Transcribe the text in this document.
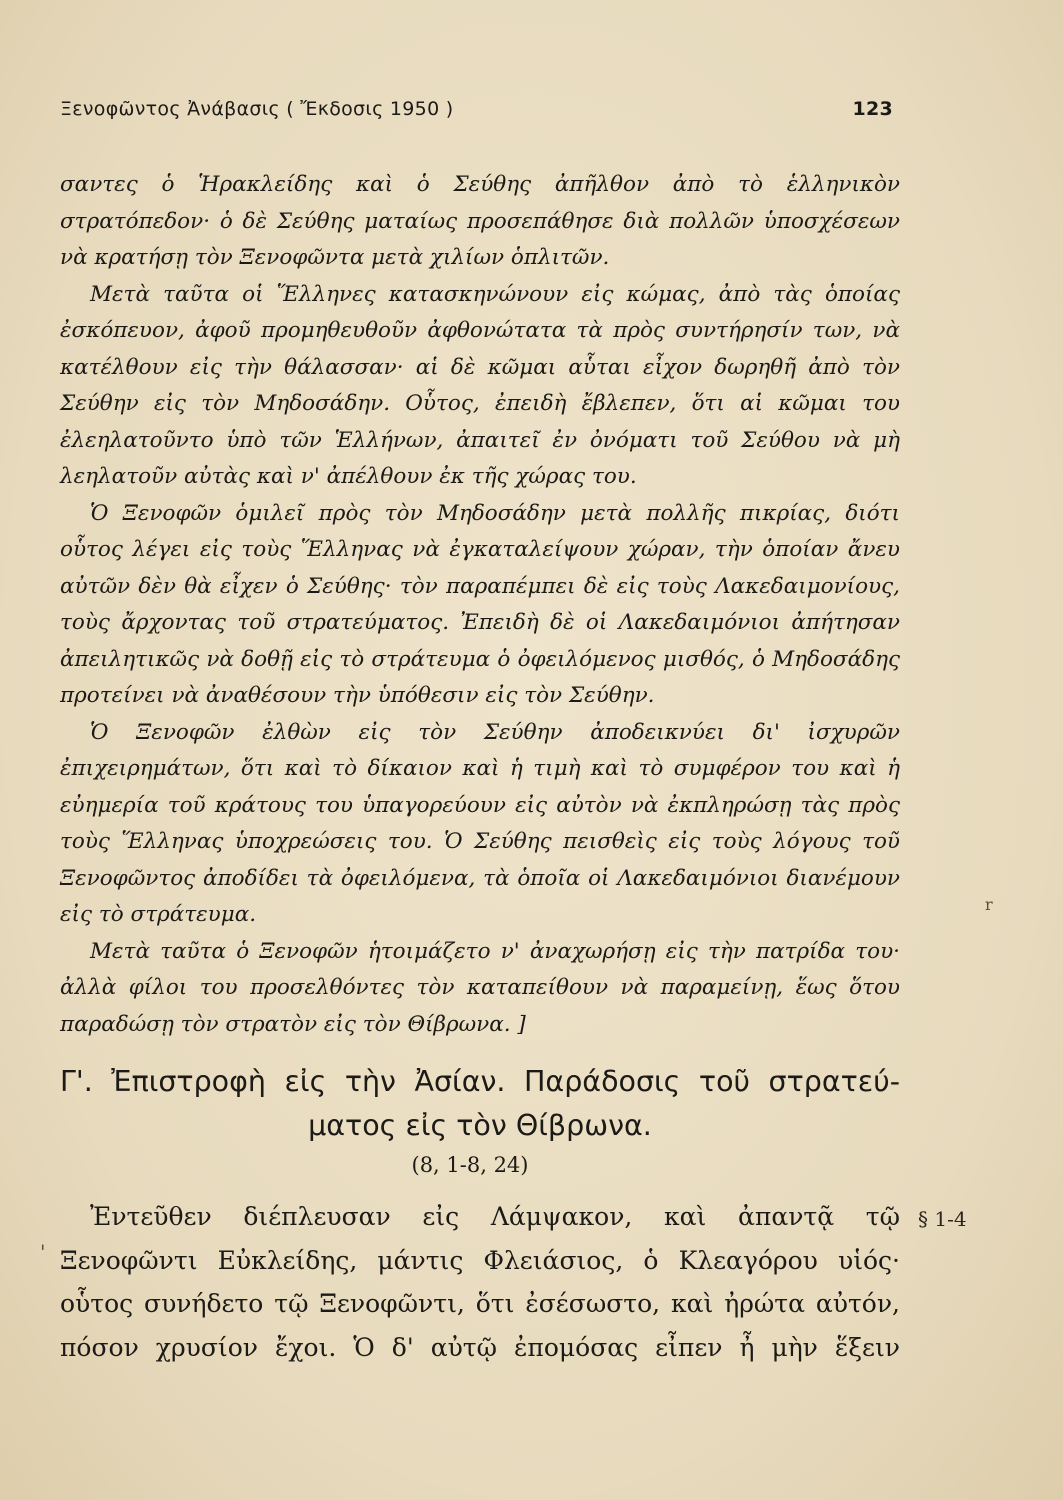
Ξενοφῶντος Ἀνάβασις ( Ἔκδοσις 1950 )	123

σαντες ὁ Ἡρακλείδης καὶ ὁ Σεύθης ἀπῆλθον ἀπὸ τὸ ἑλληνικὸν στρατόπεδον· ὁ δὲ Σεύθης ματαίως προσεπάθησε διὰ πολλῶν ὑποσχέσεων νὰ κρατήσῃ τὸν Ξενοφῶντα μετὰ χιλίων ὁπλιτῶν.

Μετὰ ταῦτα οἱ Ἕλληνες κατασκηνώνουν εἰς κώμας, ἀπὸ τὰς ὁποίας ἐσκόπευον, ἀφοῦ προμηθευθοῦν ἀφθονώτατα τὰ πρὸς συντήρησίν των, νὰ κατέλθουν εἰς τὴν θάλασσαν· αἱ δὲ κῶμαι αὗται εἶχον δωρηθῆ ἀπὸ τὸν Σεύθην εἰς τὸν Μηδοσάδην. Οὗτος, ἐπειδὴ ἔβλεπεν, ὅτι αἱ κῶμαι του ἐλεηλατοῦντο ὑπὸ τῶν Ἑλλήνων, ἀπαιτεῖ ἐν ὀνόματι τοῦ Σεύθου νὰ μὴ λεηλατοῦν αὐτὰς καὶ ν' ἀπέλθουν ἐκ τῆς χώρας του.

Ὁ Ξενοφῶν ὁμιλεῖ πρὸς τὸν Μηδοσάδην μετὰ πολλῆς πικρίας, διότι οὗτος λέγει εἰς τοὺς Ἕλληνας νὰ ἐγκαταλείψουν χώραν, τὴν ὁποίαν ἄνευ αὐτῶν δὲν θὰ εἶχεν ὁ Σεύθης· τὸν παραπέμπει δὲ εἰς τοὺς Λακεδαιμονίους, τοὺς ἄρχοντας τοῦ στρατεύματος. Ἐπειδὴ δὲ οἱ Λακεδαιμόνιοι ἀπήτησαν ἀπειλητικῶς νὰ δοθῇ εἰς τὸ στράτευμα ὁ ὀφειλόμενος μισθός, ὁ Μηδοσάδης προτείνει νὰ ἀναθέσουν τὴν ὑπόθεσιν εἰς τὸν Σεύθην.

Ὁ Ξενοφῶν ἐλθὼν εἰς τὸν Σεύθην ἀποδεικνύει δι' ἰσχυρῶν ἐπιχειρημάτων, ὅτι καὶ τὸ δίκαιον καὶ ἡ τιμὴ καὶ τὸ συμφέρον του καὶ ἡ εὐημερία τοῦ κράτους του ὑπαγορεύουν εἰς αὐτὸν νὰ ἐκπληρώσῃ τὰς πρὸς τοὺς Ἕλληνας ὑποχρεώσεις του. Ὁ Σεύθης πεισθεὶς εἰς τοὺς λόγους τοῦ Ξενοφῶντος ἀποδίδει τὰ ὀφειλόμενα, τὰ ὁποῖα οἱ Λακεδαιμόνιοι διανέμουν εἰς τὸ στράτευμα.

Μετὰ ταῦτα ὁ Ξενοφῶν ἡτοιμάζετο ν' ἀναχωρήσῃ εἰς τὴν πατρίδα του· ἀλλὰ φίλοι του προσελθόντες τὸν καταπείθουν νὰ παραμείνῃ, ἕως ὅτου παραδώσῃ τὸν στρατὸν εἰς τὸν Θίβρωνα. ]

r
Γ'. Ἐπιστροφὴ εἰς τὴν Ἀσίαν. Παράδοσις τοῦ στρατεύ-
ματος εἰς τὸν Θίβρωνα.
(8, 1-8, 24)
§ 1-4
'

Ἐντεῦθεν διέπλευσαν εἰς Λάμψακον, καὶ ἀπαντᾷ τῷ Ξενοφῶντι Εὐκλείδης, μάντις Φλειάσιος, ὁ Κλεαγόρου υἱός· οὗτος συνήδετο τῷ Ξενοφῶντι, ὅτι ἐσέσωστο, καὶ ἠρώτα αὐτόν, πόσον χρυσίον ἔχοι. Ὁ δ' αὐτῷ ἐπομόσας εἶπεν ἦ μὴν ἕξειν
